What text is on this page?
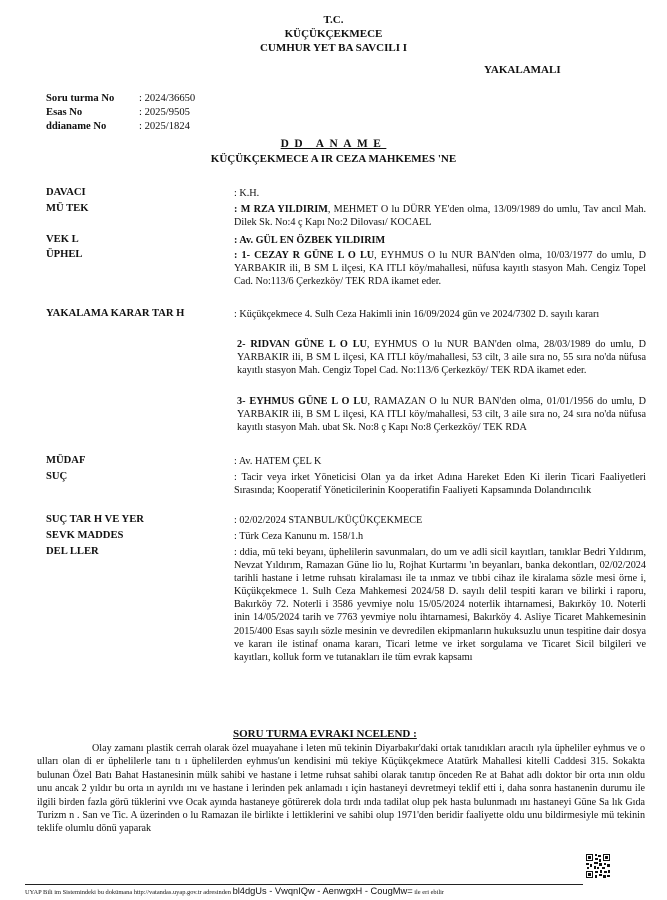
T.C.
KÜÇÜKÇEKMECE
CUMHUR YET BA SAVCILI I
YAKALAMALI
Soru turma No : 2024/36650
Esas No	: 2025/9505
ddianame No	: 2025/1824
DD ANAME
KÜÇÜKÇEKMECE A IR CEZA MAHKEMES 'NE
DAVACI	: K.H.
MÜ TEK	: M RZA YILDIRIM, MEHMET O lu DÜRR YE'den olma, 13/09/1989 do umlu, Tav ancıl Mah. Dilek Sk. No:4 ç Kapı No:2 Dilovası/ KOCAEL
VEK L	: Av. GÜL EN ÖZBEK YILDIRIM
ÜPHEL	: 1- CEZAY R GÜNE L O LU, EYHMUS O lu NUR BAN'den olma, 10/03/1977 do umlu, D YARBAKIR ili, B SM L ilçesi, KA ITLI köy/mahallesi, nüfusa kayıtlı stasyon Mah. Cengiz Topel Cad. No:113/6 Çerkezköy/ TEK RDA ikamet eder.
YAKALAMA KARAR TAR H	: Küçükçekmece 4. Sulh Ceza Hakimli inin 16/09/2024 gün ve 2024/7302 D. sayılı kararı
2- RIDVAN GÜNE L O LU, EYHMUS O lu NUR BAN'den olma, 28/03/1989 do umlu, D YARBAKIR ili, B SM L ilçesi, KA ITLI köy/mahallesi, 53 cilt, 3 aile sıra no, 55 sıra no'da nüfusa kayıtlı stasyon Mah. Cengiz Topel Cad. No:113/6 Çerkezköy/ TEK RDA ikamet eder.
3- EYHMUS GÜNE L O LU, RAMAZAN O lu NUR BAN'den olma, 01/01/1956 do umlu, D YARBAKIR ili, B SM L ilçesi, KA ITLI köy/mahallesi, 53 cilt, 3 aile sıra no, 24 sıra no'da nüfusa kayıtlı stasyon Mah. ubat Sk. No:8 ç Kapı No:8 Çerkezköy/ TEK RDA
MÜDAF	: Av. HATEM ÇEL K
SUÇ	: Tacir veya irket Yöneticisi Olan ya da irket Adına Hareket Eden Ki ilerin Ticari Faaliyetleri Sırasında; Kooperatif Yöneticilerinin Kooperatifin Faaliyeti Kapsamında Dolandırıcılık
SUÇ TAR H VE YER	: 02/02/2024 STANBUL/KÜÇÜKÇEKMECE
SEVK MADDES	: Türk Ceza Kanunu m. 158/1.h
DEL LLER	: ddia, mü teki beyanı, üphelilerin savunmaları, do um ve adli sicil kayıtları, tanıklar Bedri Yıldırım, Nevzat Yıldırım, Ramazan Güne lio lu, Rojhat Kurtarmı 'ın beyanları, banka dekontları, 02/02/2024 tarihli hastane i letme ruhsatı kiralaması ile ta ınmaz ve tıbbi cihaz ile kiralama sözle mesi örne i, Küçükçekmece 1. Sulh Ceza Mahkemesi 2024/58 D. sayılı delil tespiti kararı ve bilirki i raporu, Bakırköy 72. Noterli i 3586 yevmiye nolu 15/05/2024 noterlik ihtarnamesi, Bakırköy 10. Noterli inin 14/05/2024 tarih ve 7763 yevmiye nolu ihtarnamesi, Bakırköy 4. Asliye Ticaret Mahkemesinin 2015/400 Esas sayılı sözle mesinin ve devredilen ekipmanların hukuksuzlu unun tespitine dair dosya ve kararı ile istinaf onama kararı, Ticari letme ve irket sorgulama ve Ticaret Sicil bilgileri ve kayıtları, kolluk form ve tutanakları ile tüm evrak kapsamı
SORU TURMA EVRAKI NCELEND :
Olay zamanı plastik cerrah olarak özel muayahane i leten mü tekinin Diyarbakır'daki ortak tanıdıkları aracılı ıyla üpheliler eyhmus ve o ulları olan di er üphelilerle tanı tı ı üphelilerden eyhmus'un kendisini mü tekiye Küçükçekmece Atatürk Mahallesi kitelli Caddesi 315. Sokakta bulunan Özel Batı Bahat Hastanesinin mülk sahibi ve hastane i letme ruhsat sahibi olarak tanıtıp önceden Re at Bahat adlı doktor bir orta ının oldu unu ancak 2 yıldır bu orta ın ayrıldı ını ve hastane i lerinden pek anlamadı ı için hastaneyi devretmeyi teklif etti i, daha sonra hastanenin durumu ile ilgili birden fazla görü tüklerini vve Ocak ayında hastaneye götürerek dola tırdı ında tadilat olup pek hasta bulunmadı ını hastaneyi Güne Sa lık Gıda Turizm n . San ve Tic. A üzerinden o lu Ramazan ile birlikte i lettiklerini ve sahibi olup 1971'den beridir faaliyette oldu unu bildirmesiyle mü tekinin teklife olumlu dönü yaparak
UYAP Bili im Sistemindeki bu dokümana http://vatandas.uyap.gov.tr adresinden bl4dgUs - VwqnIQw - AenwgxH - CougMw= ile eri ebilir
